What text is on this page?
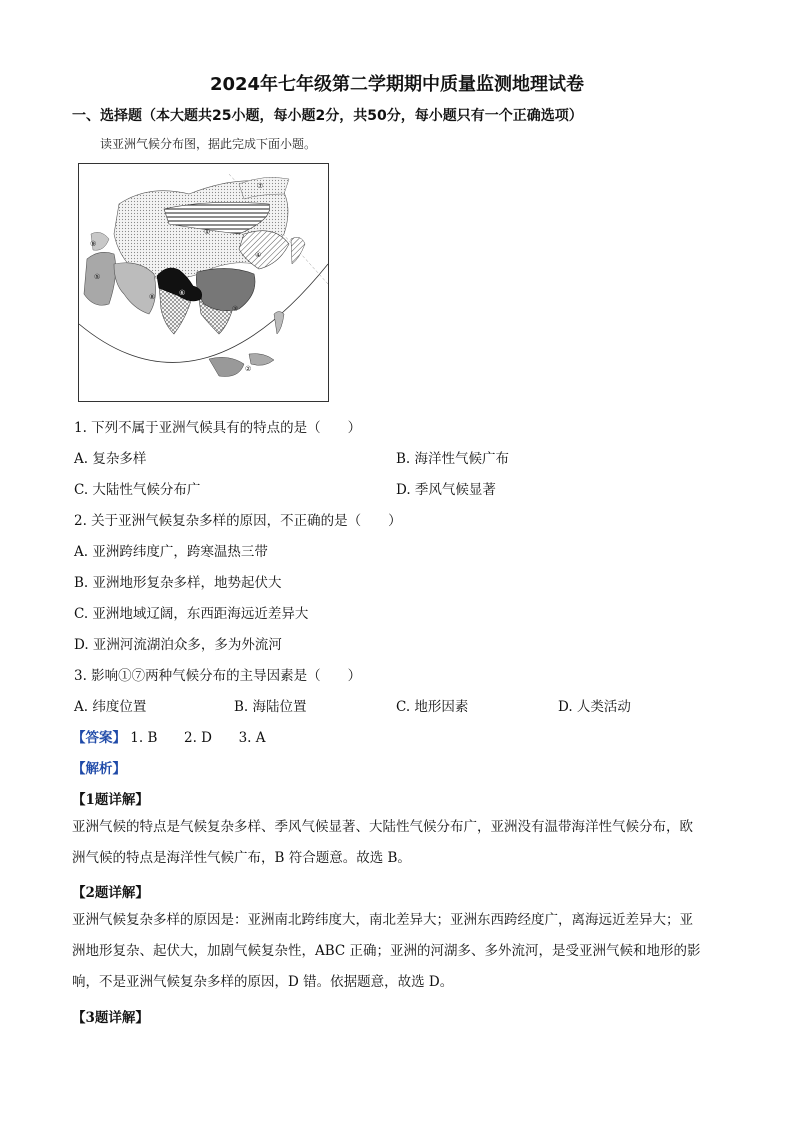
2024年七年级第二学期期中质量监测地理试卷
一、选择题（本大题共25小题，每小题2分，共50分，每小题只有一个正确选项）
读亚洲气候分布图，据此完成下面小题。
⑦
①
④
⑨
⑤
⑥
③
⑧
②
1. 下列不属于亚洲气候具有的特点的是（　　）
A. 复杂多样	B. 海洋性气候广布
C. 大陆性气候分布广	D. 季风气候显著
2. 关于亚洲气候复杂多样的原因，不正确的是（　　）
A. 亚洲跨纬度广，跨寒温热三带
B. 亚洲地形复杂多样，地势起伏大
C. 亚洲地域辽阔，东西距海远近差异大
D. 亚洲河流湖泊众多，多为外流河
3. 影响①⑦两种气候分布的主导因素是（　　）
A. 纬度位置	B. 海陆位置	C. 地形因素	D. 人类活动
【答案】 1. B 2. D 3. A
【解析】
【1题详解】
亚洲气候的特点是气候复杂多样、季风气候显著、大陆性气候分布广，亚洲没有温带海洋性气候分布，欧
洲气候的特点是海洋性气候广布，B 符合题意。故选 B。
【2题详解】
亚洲气候复杂多样的原因是：亚洲南北跨纬度大，南北差异大；亚洲东西跨经度广，离海远近差异大；亚
洲地形复杂、起伏大，加剧气候复杂性，ABC 正确；亚洲的河湖多、多外流河，是受亚洲气候和地形的影
响，不是亚洲气候复杂多样的原因，D 错。依据题意，故选 D。
【3题详解】
